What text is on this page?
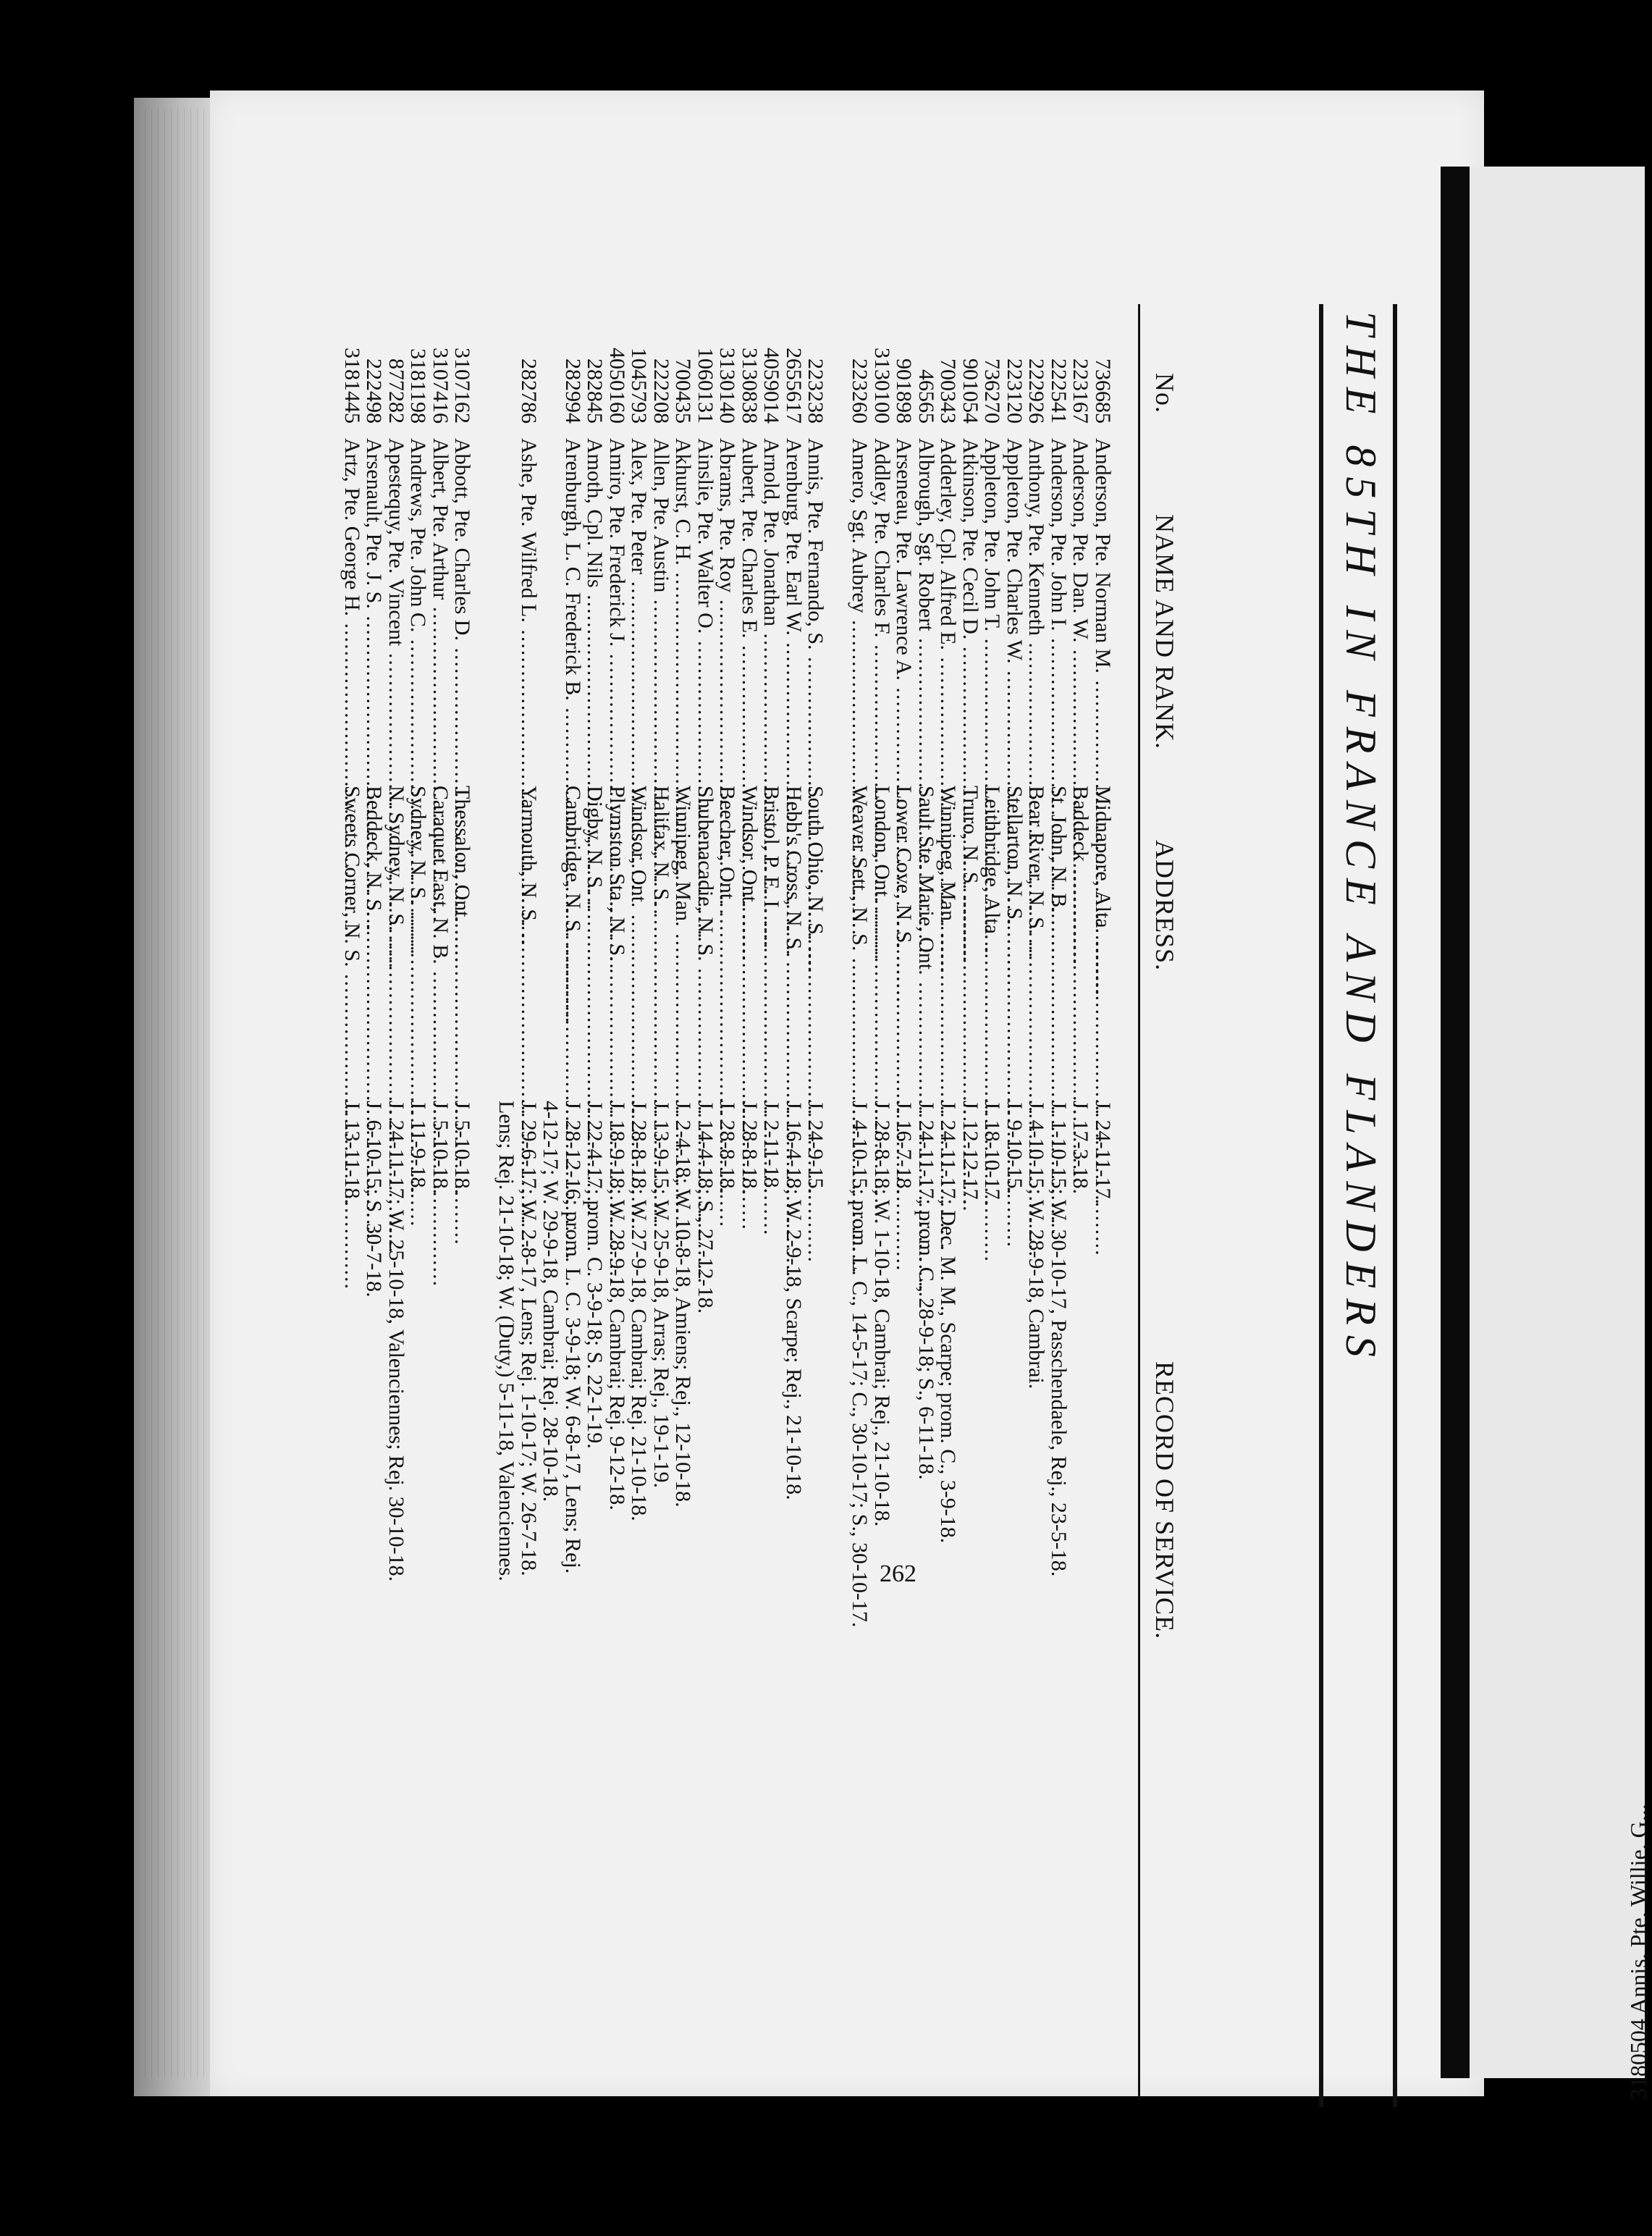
3180504 Annis, Pte. Willie, G...
THE 85TH IN FRANCE AND FLANDERS
No.
NAME AND RANK.
ADDRESS.
RECORD OF SERVICE.
736685
Anderson, Pte. Norman M. .....
Midnapore, Alta. .....
J. 24-11-17.
223167
Anderson, Pte. Dan. W. .....
Baddeck .....
J. 17-3-18.
222541
Anderson, Pte. John I. .....
St. John, N. B. .....
J. 1-10-15; W. 30-10-17, Passchendaele, Rej., 23-5-18.
222926
Anthony, Pte. Kenneth .....
Bear River, N. S. .....
J. 4-10-15; W. 28-9-18, Cambrai.
223120
Appleton, Pte. Charles W. .....
Stellarton, N. S. .....
J. 9-10-15.
736270
Appleton, Pte. John T. .....
Leithbridge, Alta. .....
J. 18-10-17.
901054
Atkinson, Pte. Cecil D. .....
Truro, N. S. .....
J. 12-12-17.
700343
Adderley, Cpl. Alfred E. .....
Winnipeg, Man. .....
J. 24-11-17; Dec. M. M., Scarpe; prom. C., 3-9-18.
46565
Albrough, Sgt. Robert .....
Sault Ste. Marie, Ont. .....
J. 24-11-17; prom. C., 28-9-18; S., 6-11-18.
901898
Arseneau, Pte. Lawrence A. .....
Lower Cove, N. S. .....
J. 16-7-18.
3130100
Addley, Pte. Charles F. .....
London, Ont. .....
J. 28-8-18; W. 1-10-18, Cambrai; Rej., 21-10-18.
223260
Amero, Sgt. Aubrey .....
Weaver Sett., N. S. .....
J. 4-10-15; prom. L. C., 14-5-17; C., 30-10-17; S., 30-10-17.
223238
Annis, Pte. Fernando, S. .....
South Ohio, N. S. .....
J. 24-9-15.
2655617
Arenburg, Pte. Earl W. .....
Hebb's Cross, N. S. .....
J. 16-4-18; W. 2-9-18, Scarpe; Rej., 21-10-18.
4059014
Arnold, Pte. Jonathan .....
Bristol, P. E. I. .....
J. 2-11-18.
3130838
Aubert, Pte. Charles E. .....
Windsor, Ont. .....
J. 28-8-18.
3130140
Abrams, Pte. Roy .....
Beecher, Ont. .....
J. 28-8-18.
1060131
Ainslie, Pte. Walter O. .....
Shubenacadie, N. S. .....
J. 14-4-18; S., 27-12-18.
700435
Akhurst, C. H. .....
Winnipeg, Man. .....
J. 2-4-18; W. 10-8-18, Amiens; Rej., 12-10-18.
222208
Allen, Pte. Austin .....
Halifax, N. S. .....
J. 13-9-15; W. 25-9-18, Arras; Rej., 19-1-19.
1045793
Alex, Pte. Peter .....
Windsor, Ont. .....
J. 28-8-18; W. 27-9-18, Cambrai; Rej. 21-10-18.
4050160
Amiro, Pte. Frederick J. .....
Plymston Sta., N. S. .....
J. 18-9-18; W. 28-9-18, Cambrai; Rej. 9-12-18.
282845
Amoth, Cpl. Nils .....
Digby, N. S. .....
J. 22-4-17; prom. C. 3-9-18; S. 22-1-19.
282994
Arenburgh, L. C. Frederick B. .....
Cambridge, N. S. .....
J. 28-12-16; prom. L. C. 3-9-18; W. 6-8-17, Lens; Rej.
4-12-17; W. 29-9-18, Cambrai; Rej. 28-10-18.
282786
Ashe, Pte. Wilfred L. .....
Yarmouth, N. S. .....
J. 29-6-17; W. 2-8-17, Lens; Rej. 1-10-17; W. 26-7-18.
Lens; Rej. 21-10-18; W. (Duty,) 5-11-18, Valenciennes.
3107162
Abbott, Pte. Charles D. .....
Thessalon, Ont. .....
J. 5-10-18.
3107416
Albert, Pte. Arthur .....
Caraquet East, N. B. .....
J. 5-10-18.
3181198
Andrews, Pte. John C. .....
Sydney, N. S. .....
J. 11-9-18.
877282
Apestequy, Pte. Vincent .....
N. Sydney, N. S. .....
J. 24-11-17; W. 25-10-18, Valenciennes; Rej. 30-10-18.
222498
Arsenault, Pte. J. S. .....
Beddeck, N. S. .....
J. 6-10-15; S. 30-7-18.
3181445
Artz, Pte. George H. .....
Sweets Corner, N. S. .....
J. 13-11-18.
262
